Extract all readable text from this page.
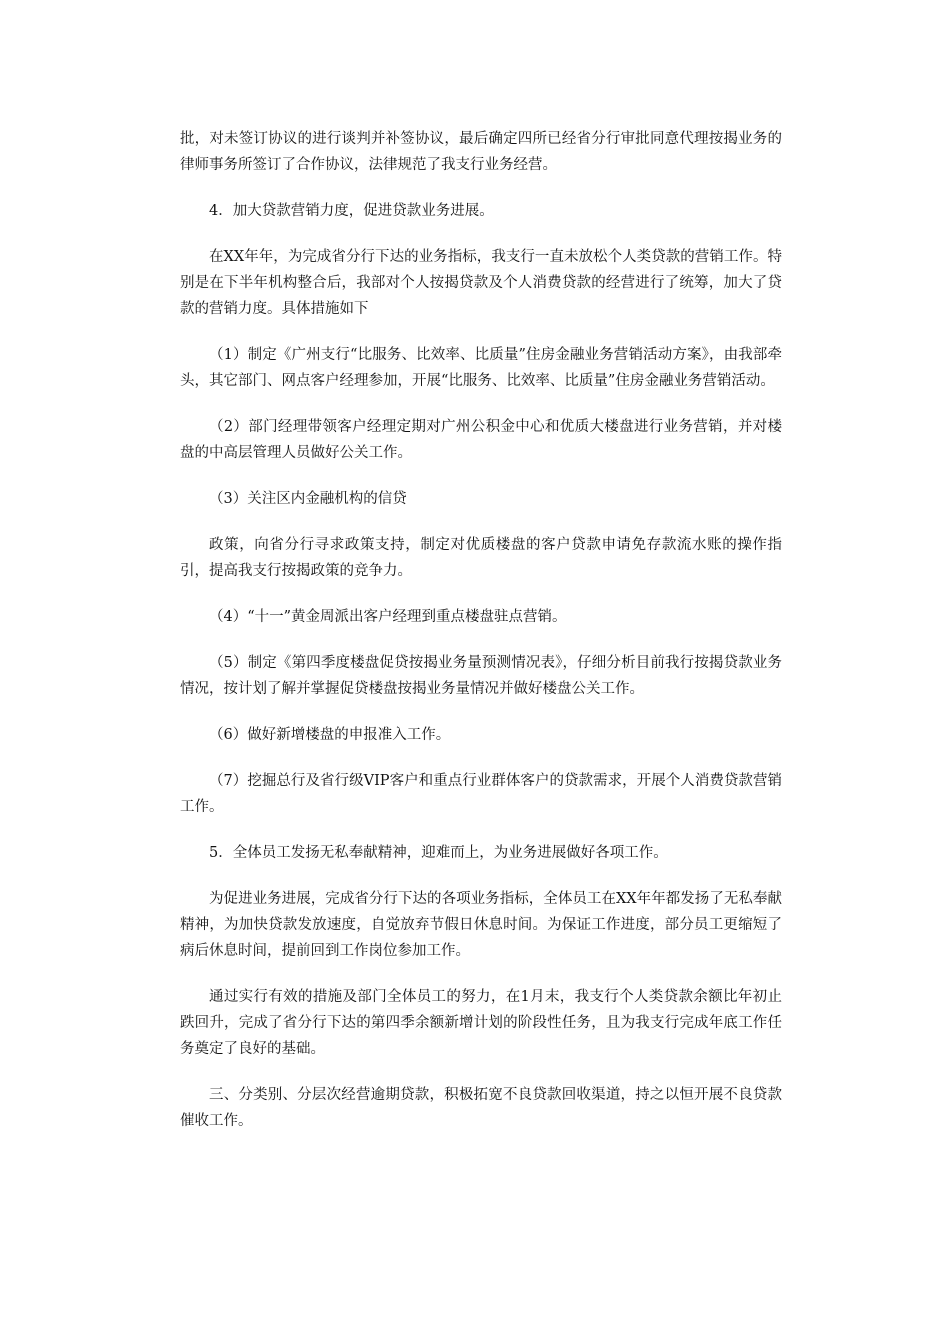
批，对未签订协议的进行谈判并补签协议，最后确定四所已经省分行审批同意代理按揭业务的律师事务所签订了合作协议，法律规范了我支行业务经营。

4．加大贷款营销力度，促进贷款业务进展。

在XX年年，为完成省分行下达的业务指标，我支行一直未放松个人类贷款的营销工作。特别是在下半年机构整合后，我部对个人按揭贷款及个人消费贷款的经营进行了统筹，加大了贷款的营销力度。具体措施如下

（1）制定《广州支行“比服务、比效率、比质量”住房金融业务营销活动方案》，由我部牵头，其它部门、网点客户经理参加，开展“比服务、比效率、比质量”住房金融业务营销活动。

（2）部门经理带领客户经理定期对广州公积金中心和优质大楼盘进行业务营销，并对楼盘的中高层管理人员做好公关工作。

（3）关注区内金融机构的信贷

政策，向省分行寻求政策支持，制定对优质楼盘的客户贷款申请免存款流水账的操作指引，提高我支行按揭政策的竞争力。

（4）“十一”黄金周派出客户经理到重点楼盘驻点营销。

（5）制定《第四季度楼盘促贷按揭业务量预测情况表》，仔细分析目前我行按揭贷款业务情况，按计划了解并掌握促贷楼盘按揭业务量情况并做好楼盘公关工作。

（6）做好新增楼盘的申报准入工作。

（7）挖掘总行及省行级VIP客户和重点行业群体客户的贷款需求，开展个人消费贷款营销工作。

5．全体员工发扬无私奉献精神，迎难而上，为业务进展做好各项工作。

为促进业务进展，完成省分行下达的各项业务指标，全体员工在XX年年都发扬了无私奉献精神，为加快贷款发放速度，自觉放弃节假日休息时间。为保证工作进度，部分员工更缩短了病后休息时间，提前回到工作岗位参加工作。

通过实行有效的措施及部门全体员工的努力，在1月末，我支行个人类贷款余额比年初止跌回升，完成了省分行下达的第四季余额新增计划的阶段性任务，且为我支行完成年底工作任务奠定了良好的基础。

三、分类别、分层次经营逾期贷款，积极拓宽不良贷款回收渠道，持之以恒开展不良贷款催收工作。
